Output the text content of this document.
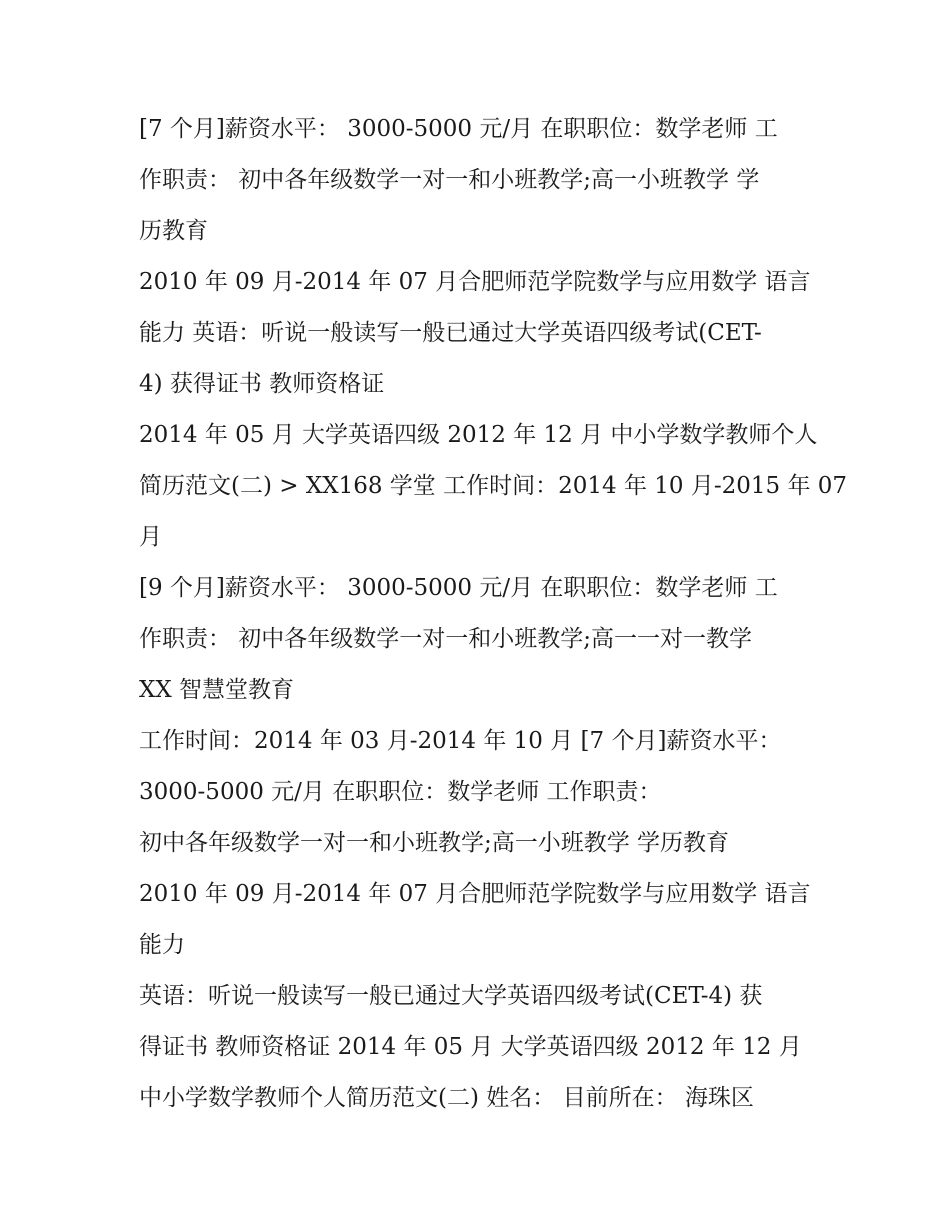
[7 个月]薪资水平： 3000-5000 元/月 在职职位：数学老师 工
作职责： 初中各年级数学一对一和小班教学;高一小班教学 学
历教育
2010 年 09 月-2014 年 07 月合肥师范学院数学与应用数学 语言
能力 英语：听说一般读写一般已通过大学英语四级考试(CET-
4) 获得证书 教师资格证
2014 年 05 月 大学英语四级 2012 年 12 月 中小学数学教师个人
简历范文(二) > XX168 学堂 工作时间：2014 年 10 月-2015 年 07
月
[9 个月]薪资水平： 3000-5000 元/月 在职职位：数学老师 工
作职责： 初中各年级数学一对一和小班教学;高一一对一教学
XX 智慧堂教育
工作时间：2014 年 03 月-2014 年 10 月 [7 个月]薪资水平：
3000-5000 元/月 在职职位：数学老师 工作职责：
初中各年级数学一对一和小班教学;高一小班教学 学历教育
2010 年 09 月-2014 年 07 月合肥师范学院数学与应用数学 语言
能力
英语：听说一般读写一般已通过大学英语四级考试(CET-4) 获
得证书 教师资格证 2014 年 05 月 大学英语四级 2012 年 12 月
中小学数学教师个人简历范文(二) 姓名： 目前所在： 海珠区
